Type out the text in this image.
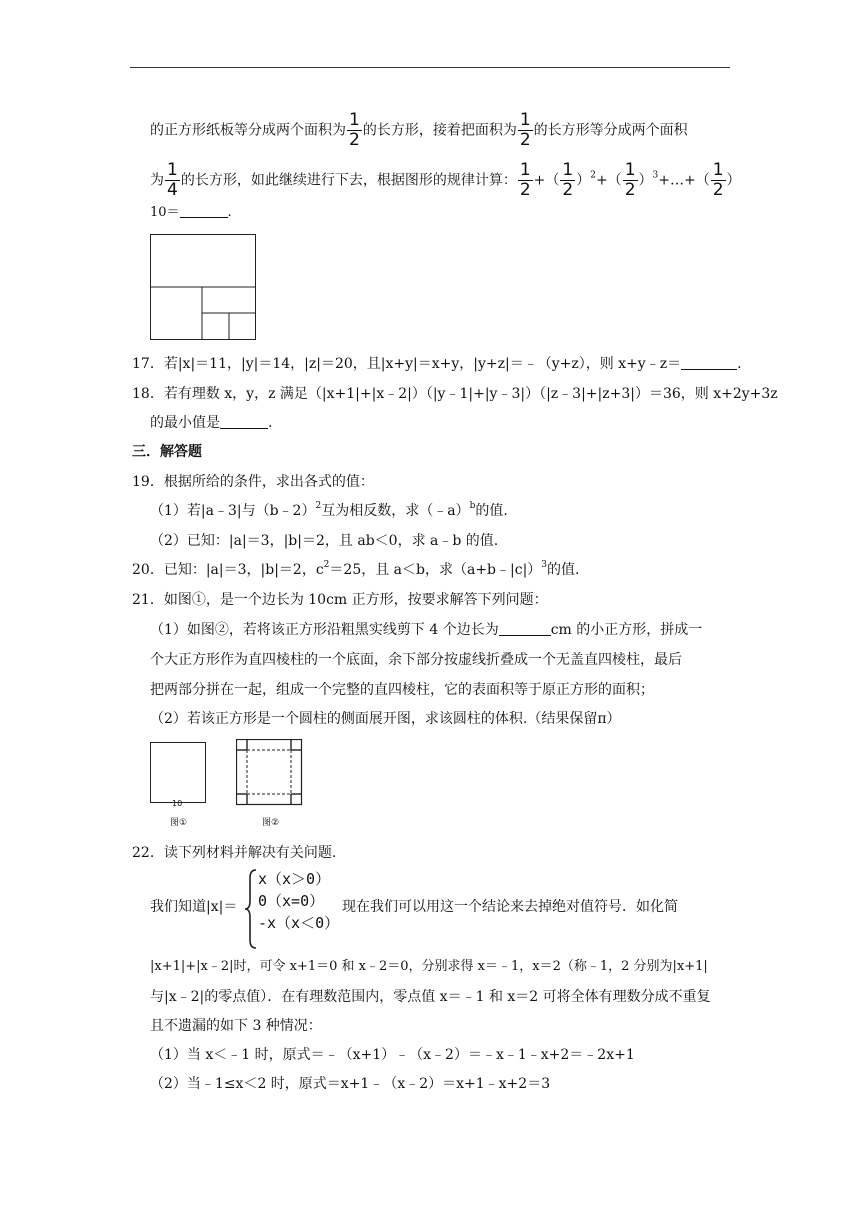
的正方形纸板等分成两个面积为 $\frac{1}{2}$ 的长方形，接着把面积为 $\frac{1}{2}$ 的长方形等分成两个面积
为 $\frac{1}{4}$ 的长方形，如此继续进行下去，根据图形的规律计算： $\frac{1}{2}$ +（ $\frac{1}{2} )^2+( \frac{1}{2}$ ）$^3+\dots+( \frac{1}{2}$ ）
10＝	.
17．若|x|＝11，|y|＝14，|z|＝20，且|x+y|＝x+y，|y+z|＝﹣（y+z），则 x+y﹣z＝	.
18．若有理数 x，y，z 满足（|x+1|+|x﹣2|）（|y﹣1|+|y﹣3|）（|z﹣3|+|z+3|）＝36，则 x+2y+3z
的最小值是	.
三．解答题
19．根据所给的条件，求出各式的值：
（1）若|a﹣3|与（b﹣2）$^2$互为相反数，求（﹣a）$^b$的值.
（2）已知：|a|＝3，|b|＝2，且 ab＜0，求 a﹣b 的值.
20．已知：|a|＝3，|b|＝2，$c^2=25$，且 a＜b，求（a+b﹣|c|）$^3$的值.
21．如图①，是一个边长为 10cm 正方形，按要求解答下列问题：
（1）如图②，若将该正方形沿粗黑实线剪下 4 个边长为	cm 的小正方形，拼成一
个大正方形作为直四棱柱的一个底面，余下部分按虚线折叠成一个无盖直四棱柱，最后
把两部分拼在一起，组成一个完整的直四棱柱，它的表面积等于原正方形的面积；
（2）若该正方形是一个圆柱的侧面展开图，求该圆柱的体积.（结果保留π）
10
图①	图②
22．读下列材料并解决有关问题.
我们知道|x|＝
x（x＞0）
0（x=0）
-x（x＜0）
现在我们可以用这一个结论来去掉绝对值符号．如化简
|x+1|+|x﹣2|时，可令 x+1＝0 和 x﹣2＝0，分别求得 x＝﹣1，x＝2（称﹣1，2 分别为|x+1|
与|x﹣2|的零点值）．在有理数范围内，零点值 x＝﹣1 和 x＝2 可将全体有理数分成不重复
且不遗漏的如下 3 种情况：
（1）当 x＜﹣1 时，原式＝﹣（x+1）﹣（x﹣2）＝﹣x﹣1﹣x+2＝﹣2x+1
（2）当﹣1≤x＜2 时，原式＝x+1﹣（x﹣2）＝x+1﹣x+2＝3
